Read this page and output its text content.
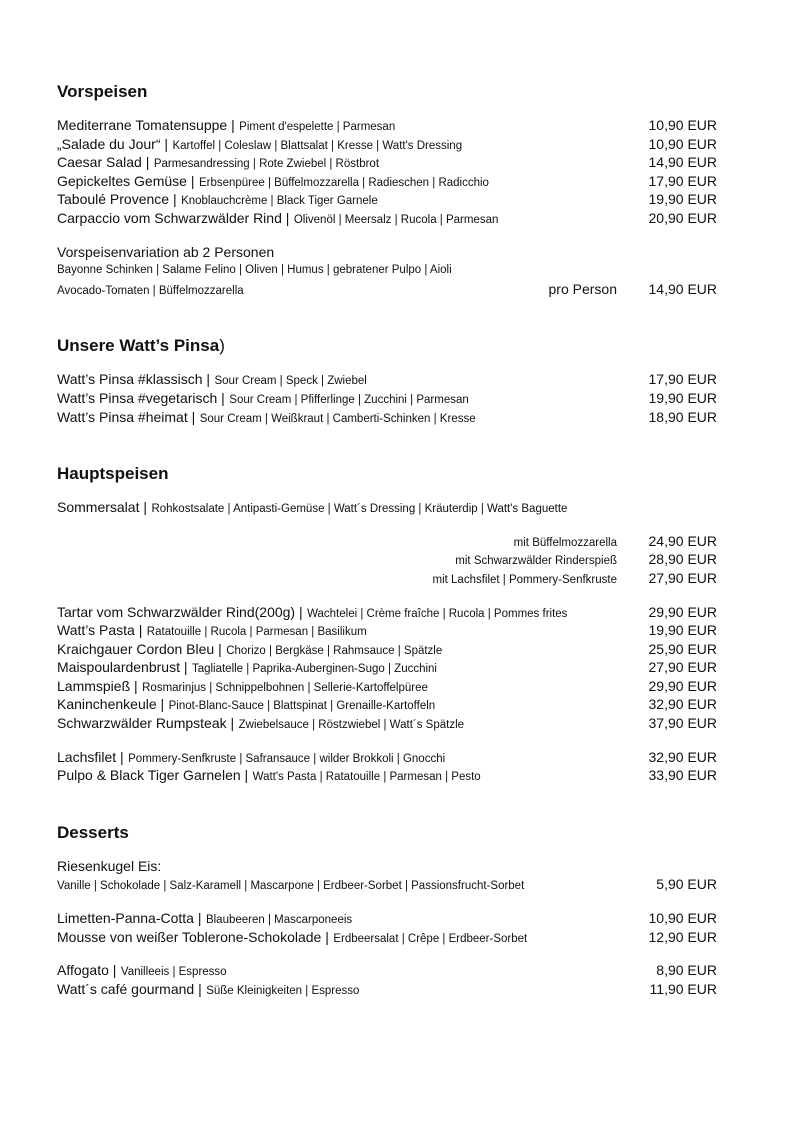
Vorspeisen
Mediterrane Tomatensuppe | Piment d'espelette | Parmesan	10,90 EUR
„Salade du Jour“ | Kartoffel | Coleslaw | Blattsalat | Kresse | Watt's Dressing	10,90 EUR
Caesar Salad | Parmesandressing | Rote Zwiebel | Röstbrot	14,90 EUR
Gepickeltes Gemüse | Erbsenpüree | Büffelmozzarella | Radieschen | Radicchio	17,90 EUR
Taboulé Provence | Knoblauchcrème | Black Tiger Garnele	19,90 EUR
Carpaccio vom Schwarzwälder Rind | Olivenöl | Meersalz | Rucola | Parmesan	20,90 EUR
Vorspeisenvariation ab 2 Personen
Bayonne Schinken | Salame Felino | Oliven | Humus | gebratener Pulpo | Aioli
Avocado-Tomaten | Büffelmozzarella	pro Person	14,90 EUR
Unsere Watt’s Pinsa)
Watt’s Pinsa #klassisch | Sour Cream | Speck | Zwiebel	17,90 EUR
Watt’s Pinsa #vegetarisch | Sour Cream | Pfifferlinge | Zucchini | Parmesan	19,90 EUR
Watt’s Pinsa #heimat | Sour Cream | Weißkraut | Camberti-Schinken | Kresse	18,90 EUR
Hauptspeisen
Sommersalat | Rohkostsalate | Antipasti-Gemüse | Watt´s Dressing | Kräuterdip | Watt's Baguette
mit Büffelmozzarella	24,90 EUR
mit Schwarzwälder Rinderspieß	28,90 EUR
mit Lachsfilet | Pommery-Senfkruste	27,90 EUR
Tartar vom Schwarzwälder Rind(200g) | Wachtelei | Crème fraîche | Rucola | Pommes frites	29,90 EUR
Watt’s Pasta | Ratatouille | Rucola | Parmesan | Basilikum	19,90 EUR
Kraichgauer Cordon Bleu | Chorizo | Bergkäse | Rahmsauce | Spätzle	25,90 EUR
Maispoulardenbrust | Tagliatelle | Paprika-Auberginen-Sugo | Zucchini	27,90 EUR
Lammspieß | Rosmarinjus | Schnippelbohnen | Sellerie-Kartoffelpüree	29,90 EUR
Kaninchenkeule | Pinot-Blanc-Sauce | Blattspinat | Grenaille-Kartoffeln	32,90 EUR
Schwarzwälder Rumpsteak | Zwiebelsauce | Röstzwiebel | Watt´s Spätzle	37,90 EUR
Lachsfilet | Pommery-Senfkruste | Safransauce | wilder Brokkoli | Gnocchi	32,90 EUR
Pulpo & Black Tiger Garnelen | Watt's Pasta | Ratatouille | Parmesan | Pesto	33,90 EUR
Desserts
Riesenkugel Eis:
Vanille | Schokolade | Salz-Karamell | Mascarpone | Erdbeer-Sorbet | Passionsfrucht-Sorbet	5,90 EUR
Limetten-Panna-Cotta | Blaubeeren | Mascarponeeis	10,90 EUR
Mousse von weißer Toblerone-Schokolade | Erdbeersalat | Crêpe | Erdbeer-Sorbet	12,90 EUR
Affogato | Vanilleeis | Espresso	8,90 EUR
Watt´s café gourmand | Süße Kleinigkeiten | Espresso	11,90 EUR
